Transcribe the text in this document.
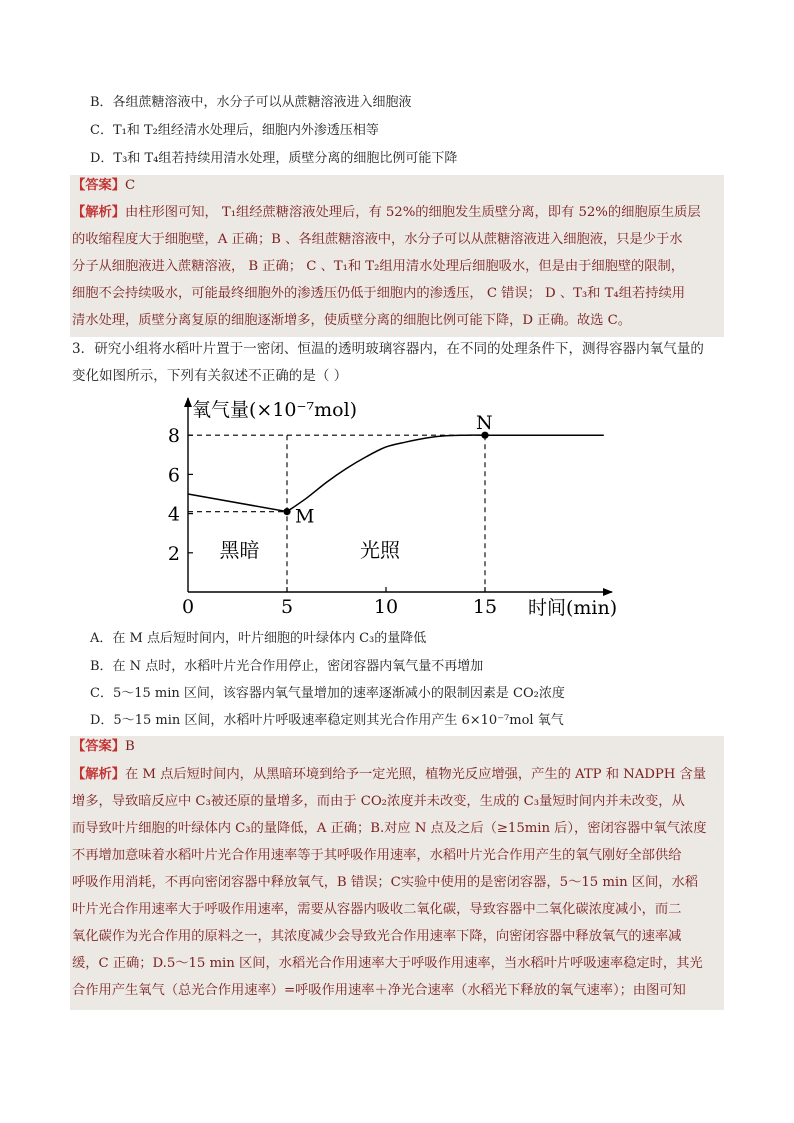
B．各组蔗糖溶液中，水分子可以从蔗糖溶液进入细胞液
C．T₁和 T₂组经清水处理后，细胞内外渗透压相等
D．T₃和 T₄组若持续用清水处理，质壁分离的细胞比例可能下降
【答案】C
【解析】由柱形图可知， T₁组经蔗糖溶液处理后，有 52%的细胞发生质壁分离，即有 52%的细胞原生质层
的收缩程度大于细胞壁，A 正确；B 、各组蔗糖溶液中，水分子可以从蔗糖溶液进入细胞液，只是少于水
分子从细胞液进入蔗糖溶液， B 正确； C 、T₁和 T₂组用清水处理后细胞吸水，但是由于细胞壁的限制，
细胞不会持续吸水，可能最终细胞外的渗透压仍低于细胞内的渗透压， C 错误； D 、T₃和 T₄组若持续用
清水处理，质壁分离复原的细胞逐渐增多，使质壁分离的细胞比例可能下降，D 正确。故选 C。
3．研究小组将水稻叶片置于一密闭、恒温的透明玻璃容器内，在不同的处理条件下，测得容器内氧气量的
变化如图所示，下列有关叙述不正确的是（ ）
氧气量(×10⁻⁷mol)
时间(min)
0	5	10	15
2
4
6
8
M
N
黑暗	光照
A．在 M 点后短时间内，叶片细胞的叶绿体内 C₃的量降低
B．在 N 点时，水稻叶片光合作用停止，密闭容器内氧气量不再增加
C．5～15 min 区间，该容器内氧气量增加的速率逐渐减小的限制因素是 CO₂浓度
D．5～15 min 区间，水稻叶片呼吸速率稳定则其光合作用产生 6×10⁻⁷mol 氧气
【答案】B
【解析】在 M 点后短时间内，从黑暗环境到给予一定光照，植物光反应增强，产生的 ATP 和 NADPH 含量
增多，导致暗反应中 C₃被还原的量增多，而由于 CO₂浓度并未改变，生成的 C₃量短时间内并未改变，从
而导致叶片细胞的叶绿体内 C₃的量降低，A 正确；B.对应 N 点及之后（≥15min 后），密闭容器中氧气浓度
不再增加意味着水稻叶片光合作用速率等于其呼吸作用速率，水稻叶片光合作用产生的氧气刚好全部供给
呼吸作用消耗，不再向密闭容器中释放氧气，B 错误；C实验中使用的是密闭容器，5～15 min 区间，水稻
叶片光合作用速率大于呼吸作用速率，需要从容器内吸收二氧化碳，导致容器中二氧化碳浓度减小，而二
氧化碳作为光合作用的原料之一，其浓度减少会导致光合作用速率下降，向密闭容器中释放氧气的速率减
缓，C 正确；D.5～15 min 区间，水稻光合作用速率大于呼吸作用速率，当水稻叶片呼吸速率稳定时，其光
合作用产生氧气（总光合作用速率）=呼吸作用速率＋净光合速率（水稻光下释放的氧气速率）；由图可知
